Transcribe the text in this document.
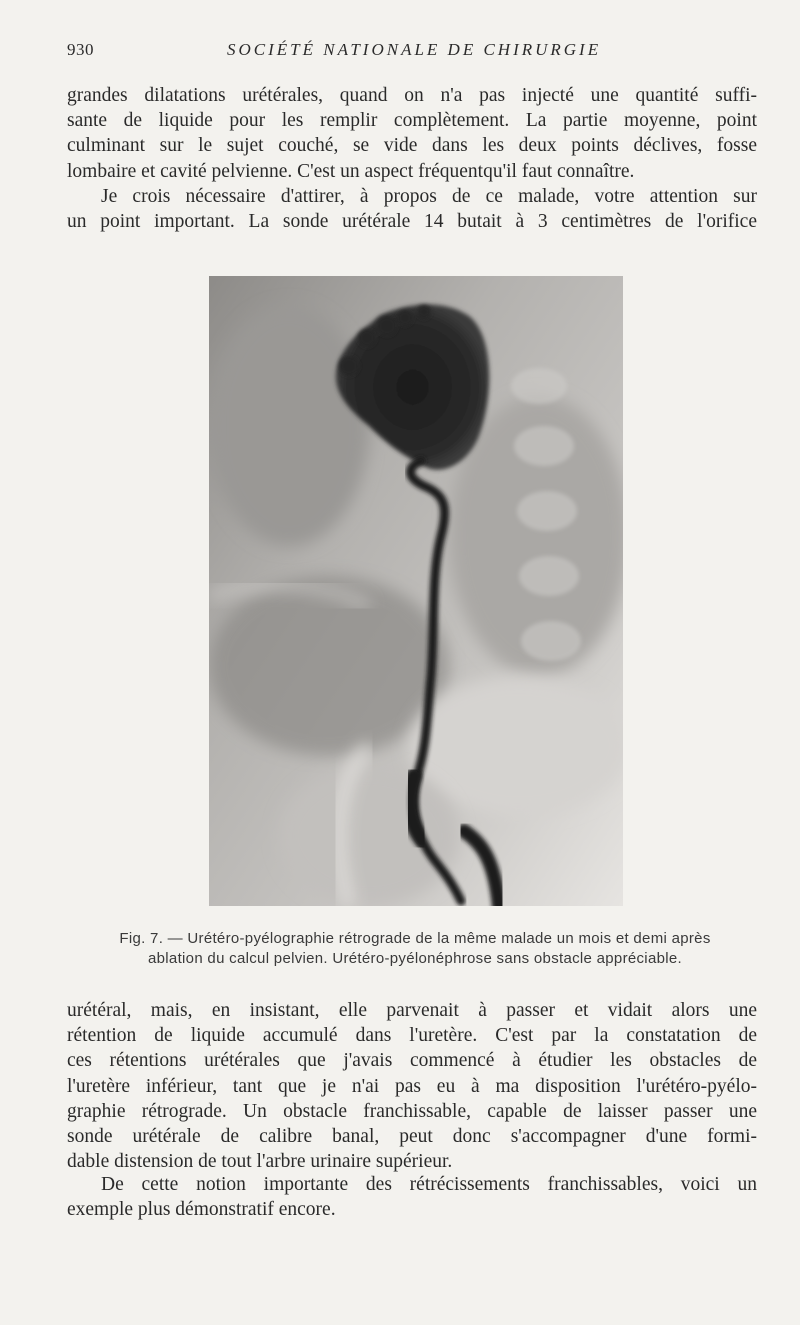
930	SOCIÉTÉ NATIONALE DE CHIRURGIE
grandes dilatations urétérales, quand on n'a pas injecté une quantité suffi-
sante de liquide pour les remplir complètement. La partie moyenne, point
culminant sur le sujet couché, se vide dans les deux points déclives, fosse
lombaire et cavité pelvienne. C'est un aspect fréquentqu'il faut connaître.
Je crois nécessaire d'attirer, à propos de ce malade, votre attention sur
un point important. La sonde urétérale 14 butait à 3 centimètres de l'orifice
Fig. 7. — Urétéro-pyélographie rétrograde de la même malade un mois et demi après
ablation du calcul pelvien. Urétéro-pyélonéphrose sans obstacle appréciable.
urétéral, mais, en insistant, elle parvenait à passer et vidait alors une
rétention de liquide accumulé dans l'uretère. C'est par la constatation de
ces rétentions urétérales que j'avais commencé à étudier les obstacles de
l'uretère inférieur, tant que je n'ai pas eu à ma disposition l'urétéro-pyélo-
graphie rétrograde. Un obstacle franchissable, capable de laisser passer une
sonde urétérale de calibre banal, peut donc s'accompagner d'une formi-
dable distension de tout l'arbre urinaire supérieur.
De cette notion importante des rétrécissements franchissables, voici un
exemple plus démonstratif encore.
